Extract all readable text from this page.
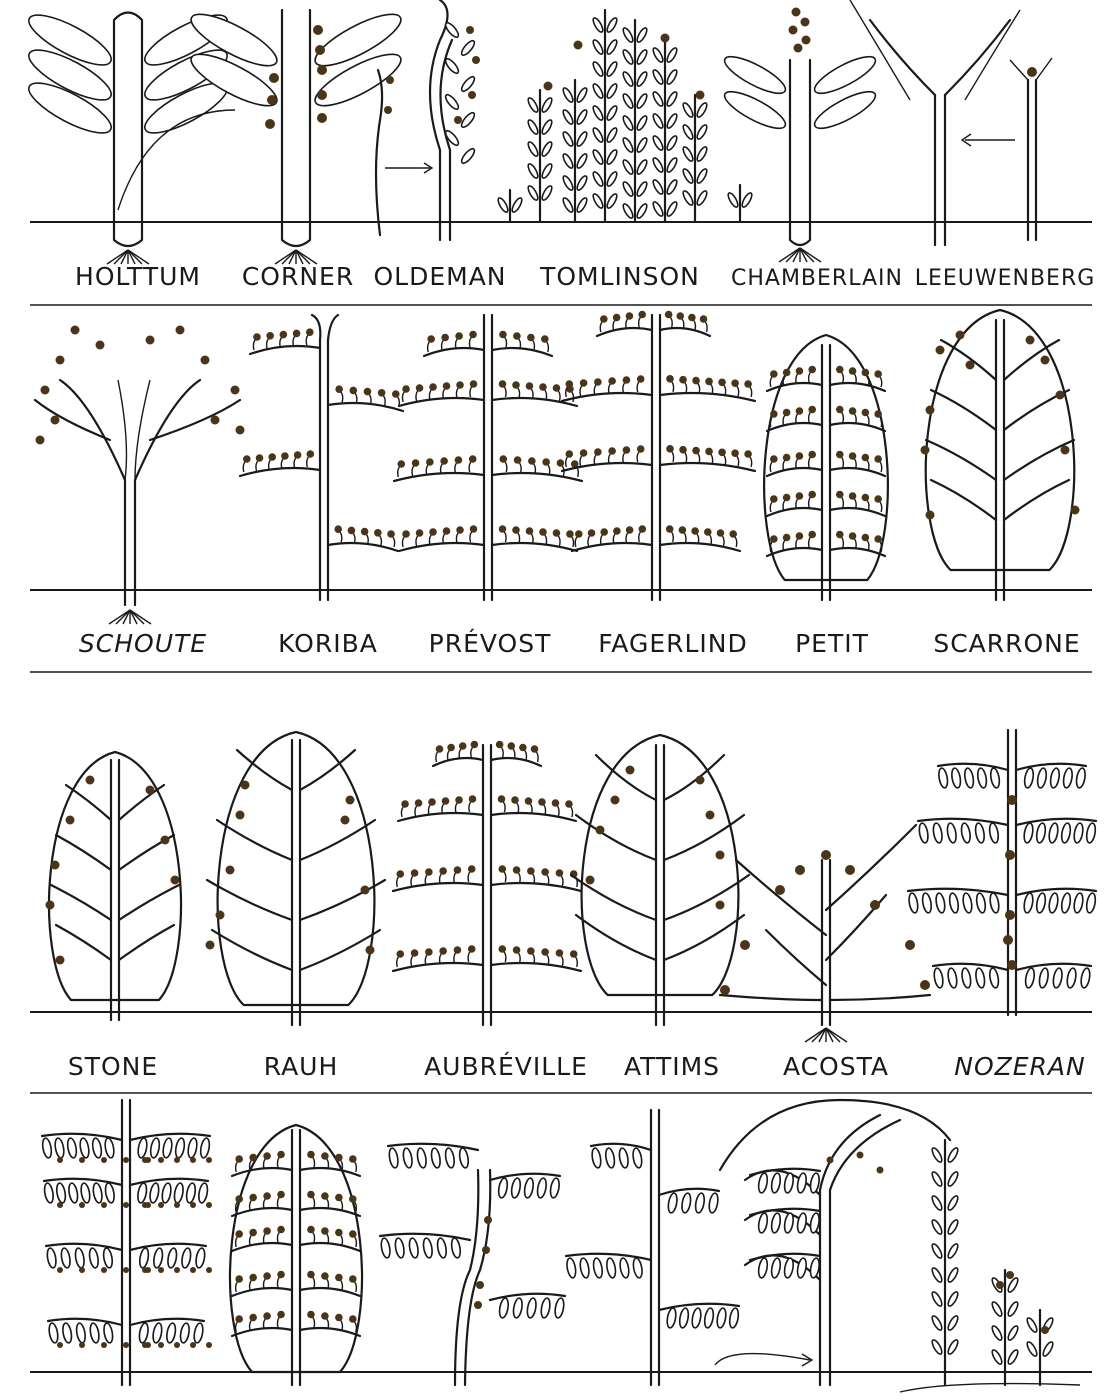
HOLTTUM CORNER OLDEMAN TOMLINSON CHAMBERLAIN LEEUWENBERG
SCHOUTE	KORIBA PRÉVOST FAGERLIND PETIT	SCARRONE
STONE	RAUH	AUBRÉVILLE ATTIMS	ACOSTA	NOZERAN
